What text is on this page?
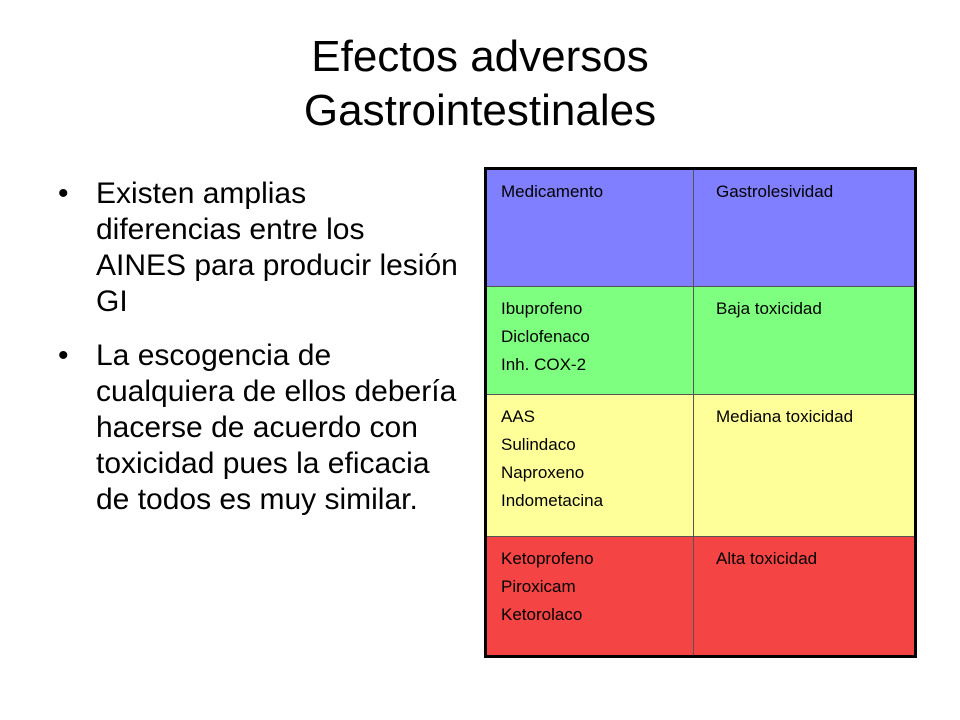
Efectos adversos
Gastrointestinales
• Existen amplias diferencias entre los AINES para producir lesión GI
• La escogencia de cualquiera de ellos debería hacerse de acuerdo con toxicidad pues la eficacia de todos es muy similar.
Medicamento	Gastrolesividad

Ibuprofeno
Diclofenaco
Inh. COX-2	Baja toxicidad

AAS
Sulindaco
Naproxeno
Indometacina	Mediana toxicidad

Ketoprofeno
Piroxicam
Ketorolaco	Alta toxicidad
